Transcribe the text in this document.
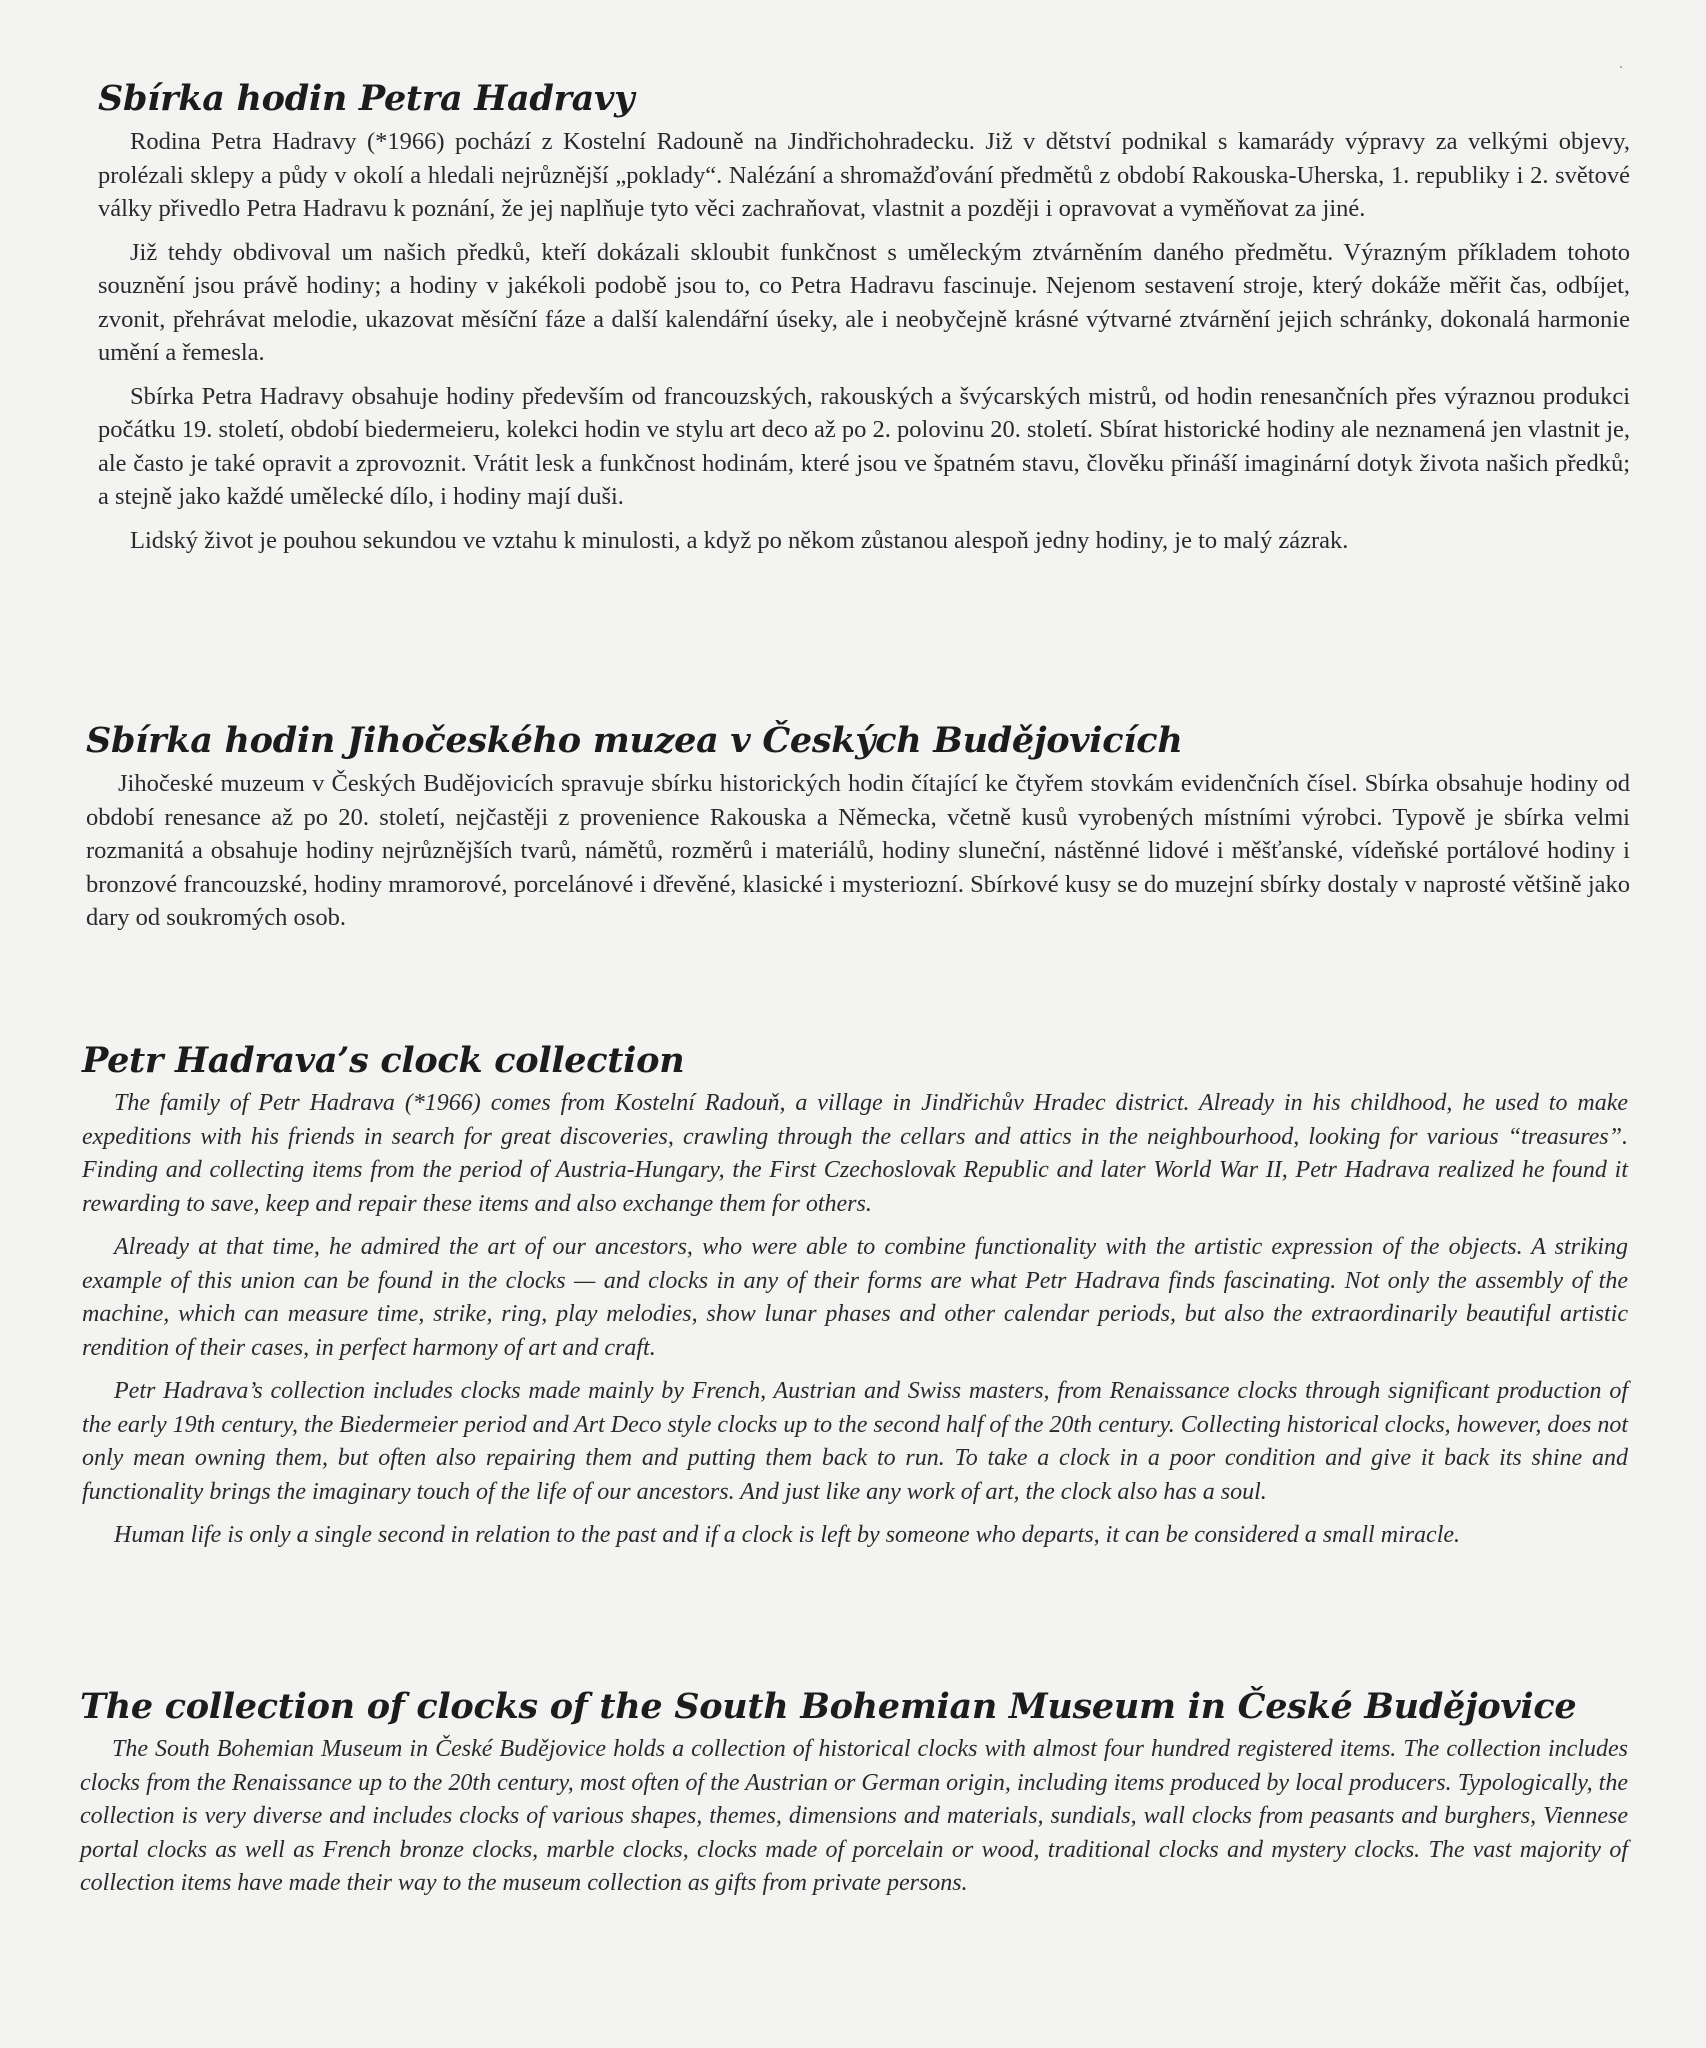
Sbírka hodin Petra Hadravy

Rodina Petra Hadravy (*1966) pochází z Kostelní Radouně na Jindřichohradecku. Již v dětství podnikal s kamarády výpravy za velkými objevy, prolézali sklepy a půdy v okolí a hledali nejrůznější „poklady“. Nalézání a shromažďování předmětů z období Rakouska-Uherska, 1. republiky i 2. světové války přivedlo Petra Hadravu k poznání, že jej naplňuje tyto věci zachraňovat, vlastnit a později i opravovat a vyměňovat za jiné.

Již tehdy obdivoval um našich předků, kteří dokázali skloubit funkčnost s uměleckým ztvárněním daného předmětu. Výrazným příkladem tohoto souznění jsou právě hodiny; a hodiny v jakékoli podobě jsou to, co Petra Hadravu fascinuje. Nejenom sestavení stroje, který dokáže měřit čas, odbíjet, zvonit, přehrávat melodie, ukazovat měsíční fáze a další kalendářní úseky, ale i neobyčejně krásné výtvarné ztvárnění jejich schránky, dokonalá harmonie umění a řemesla.

Sbírka Petra Hadravy obsahuje hodiny především od francouzských, rakouských a švýcarských mistrů, od hodin renesančních přes výraznou produkci počátku 19. století, období biedermeieru, kolekci hodin ve stylu art deco až po 2. polovinu 20. století. Sbírat historické hodiny ale neznamená jen vlastnit je, ale často je také opravit a zprovoznit. Vrátit lesk a funkčnost hodinám, které jsou ve špatném stavu, člověku přináší imaginární dotyk života našich předků; a stejně jako každé umělecké dílo, i hodiny mají duši.

Lidský život je pouhou sekundou ve vztahu k minulosti, a když po někom zůstanou alespoň jedny hodiny, je to malý zázrak.

Sbírka hodin Jihočeského muzea v Českých Budějovicích

Jihočeské muzeum v Českých Budějovicích spravuje sbírku historických hodin čítající ke čtyřem stovkám evidenčních čísel. Sbírka obsahuje hodiny od období renesance až po 20. století, nejčastěji z provenience Rakouska a Německa, včetně kusů vyrobených místními výrobci. Typově je sbírka velmi rozmanitá a obsahuje hodiny nejrůznějších tvarů, námětů, rozměrů i materiálů, hodiny sluneční, nástěnné lidové i měšťanské, vídeňské portálové hodiny i bronzové francouzské, hodiny mramorové, porcelánové i dřevěné, klasické i mysteriozní. Sbírkové kusy se do muzejní sbírky dostaly v naprosté většině jako dary od soukromých osob.

Petr Hadrava’s clock collection

The family of Petr Hadrava (*1966) comes from Kostelní Radouň, a village in Jindřichův Hradec district. Already in his childhood, he used to make expeditions with his friends in search for great discoveries, crawling through the cellars and attics in the neighbourhood, looking for various “treasures”. Finding and collecting items from the period of Austria-Hungary, the First Czechoslovak Republic and later World War II, Petr Hadrava realized he found it rewarding to save, keep and repair these items and also exchange them for others.

Already at that time, he admired the art of our ancestors, who were able to combine functionality with the artistic expression of the objects. A striking example of this union can be found in the clocks — and clocks in any of their forms are what Petr Hadrava finds fascinating. Not only the assembly of the machine, which can measure time, strike, ring, play melodies, show lunar phases and other calendar periods, but also the extraordinarily beautiful artistic rendition of their cases, in perfect harmony of art and craft.

Petr Hadrava’s collection includes clocks made mainly by French, Austrian and Swiss masters, from Renaissance clocks through significant production of the early 19th century, the Biedermeier period and Art Deco style clocks up to the second half of the 20th century. Collecting historical clocks, however, does not only mean owning them, but often also repairing them and putting them back to run. To take a clock in a poor condition and give it back its shine and functionality brings the imaginary touch of the life of our ancestors. And just like any work of art, the clock also has a soul.

Human life is only a single second in relation to the past and if a clock is left by someone who departs, it can be considered a small miracle.

The collection of clocks of the South Bohemian Museum in České Budějovice

The South Bohemian Museum in České Budějovice holds a collection of historical clocks with almost four hundred registered items. The collection includes clocks from the Renaissance up to the 20th century, most often of the Austrian or German origin, including items produced by local producers. Typologically, the collection is very diverse and includes clocks of various shapes, themes, dimensions and materials, sundials, wall clocks from peasants and burghers, Viennese portal clocks as well as French bronze clocks, marble clocks, clocks made of porcelain or wood, traditional clocks and mystery clocks. The vast majority of collection items have made their way to the museum collection as gifts from private persons.
